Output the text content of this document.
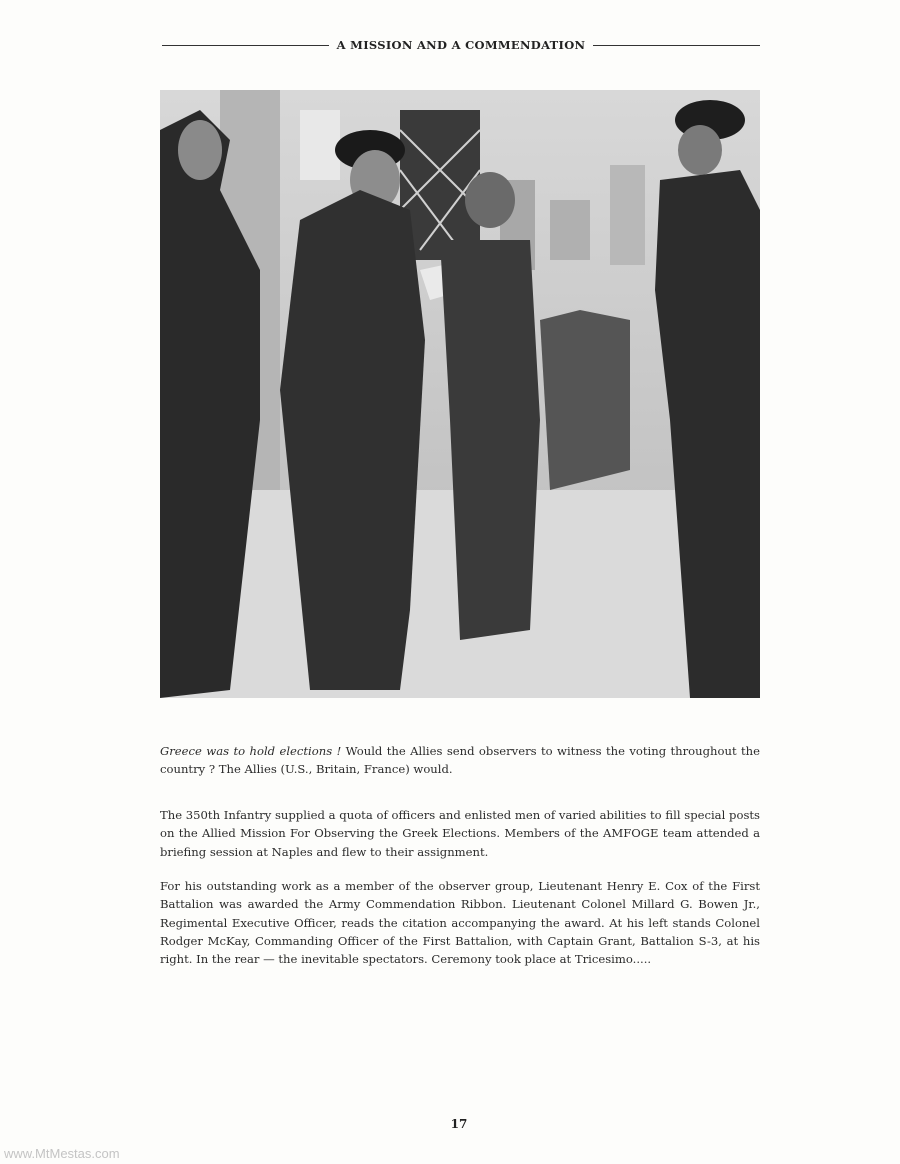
A MISSION AND A COMMENDATION

Greece was to hold elections ! Would the Allies send observers to witness the voting throughout the country ? The Allies (U.S., Britain, France) would.

The 350th Infantry supplied a quota of officers and enlisted men of varied abilities to fill special posts on the Allied Mission For Observing the Greek Elections. Members of the AMFOGE team attended a briefing session at Naples and flew to their assignment.

For his outstanding work as a member of the observer group, Lieutenant Henry E. Cox of the First Battalion was awarded the Army Commendation Ribbon. Lieutenant Colonel Millard G. Bowen Jr., Regimental Executive Officer, reads the citation accompanying the award. At his left stands Colonel Rodger McKay, Commanding Officer of the First Battalion, with Captain Grant, Battalion S-3, at his right. In the rear — the inevitable spectators. Ceremony took place at Tricesimo.....

17
www.MtMestas.com
